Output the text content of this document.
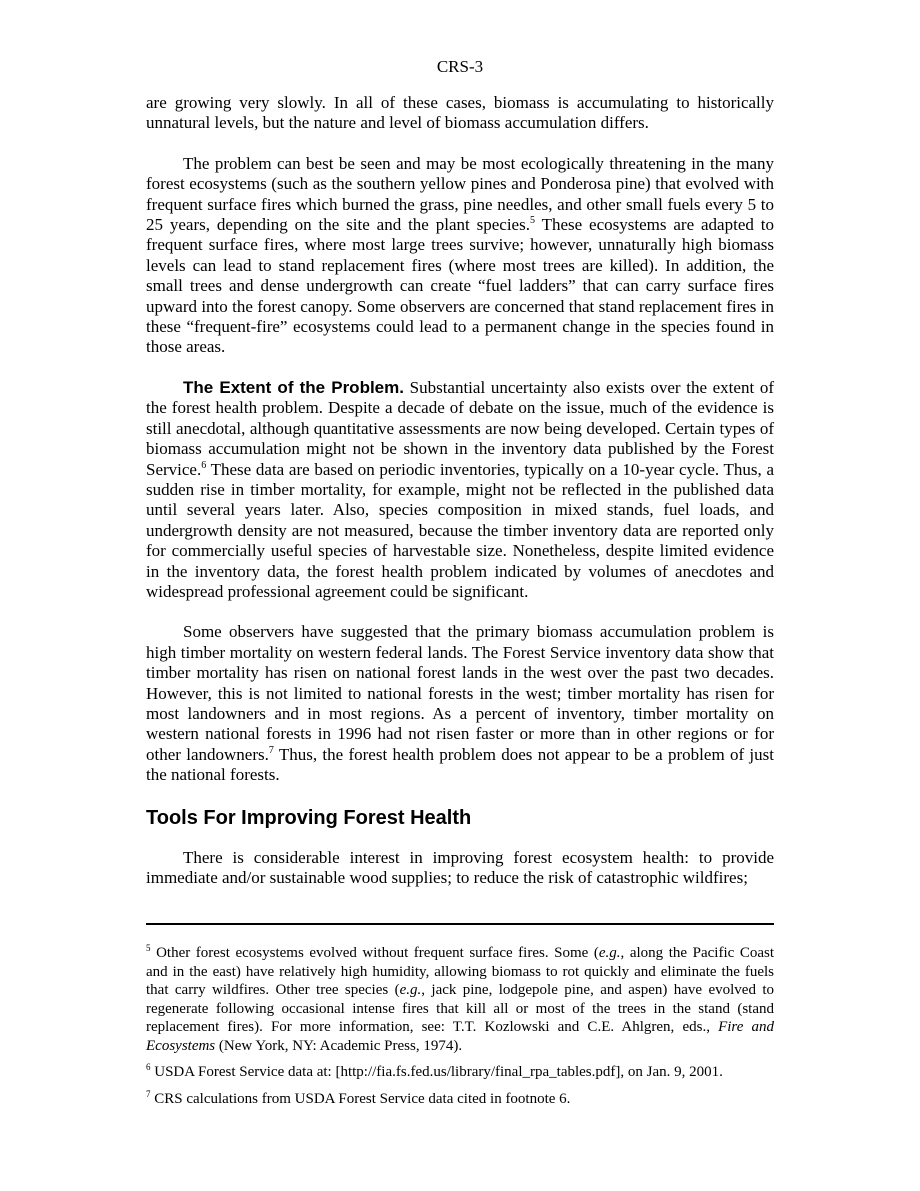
CRS-3

are growing very slowly. In all of these cases, biomass is accumulating to historically unnatural levels, but the nature and level of biomass accumulation differs.

The problem can best be seen and may be most ecologically threatening in the many forest ecosystems (such as the southern yellow pines and Ponderosa pine) that evolved with frequent surface fires which burned the grass, pine needles, and other small fuels every 5 to 25 years, depending on the site and the plant species.$^5$ These ecosystems are adapted to frequent surface fires, where most large trees survive; however, unnaturally high biomass levels can lead to stand replacement fires (where most trees are killed). In addition, the small trees and dense undergrowth can create “fuel ladders” that can carry surface fires upward into the forest canopy. Some observers are concerned that stand replacement fires in these “frequent-fire” ecosystems could lead to a permanent change in the species found in those areas.

The Extent of the Problem. Substantial uncertainty also exists over the extent of the forest health problem. Despite a decade of debate on the issue, much of the evidence is still anecdotal, although quantitative assessments are now being developed. Certain types of biomass accumulation might not be shown in the inventory data published by the Forest Service.$^6$ These data are based on periodic inventories, typically on a 10-year cycle. Thus, a sudden rise in timber mortality, for example, might not be reflected in the published data until several years later. Also, species composition in mixed stands, fuel loads, and undergrowth density are not measured, because the timber inventory data are reported only for commercially useful species of harvestable size. Nonetheless, despite limited evidence in the inventory data, the forest health problem indicated by volumes of anecdotes and widespread professional agreement could be significant.

Some observers have suggested that the primary biomass accumulation problem is high timber mortality on western federal lands. The Forest Service inventory data show that timber mortality has risen on national forest lands in the west over the past two decades. However, this is not limited to national forests in the west; timber mortality has risen for most landowners and in most regions. As a percent of inventory, timber mortality on western national forests in 1996 had not risen faster or more than in other regions or for other landowners.$^7$ Thus, the forest health problem does not appear to be a problem of just the national forests.

Tools For Improving Forest Health

There is considerable interest in improving forest ecosystem health: to provide immediate and/or sustainable wood supplies; to reduce the risk of catastrophic wildfires;

$^5$ Other forest ecosystems evolved without frequent surface fires. Some (e.g., along the Pacific Coast and in the east) have relatively high humidity, allowing biomass to rot quickly and eliminate the fuels that carry wildfires. Other tree species (e.g., jack pine, lodgepole pine, and aspen) have evolved to regenerate following occasional intense fires that kill all or most of the trees in the stand (stand replacement fires). For more information, see: T.T. Kozlowski and C.E. Ahlgren, eds., Fire and Ecosystems (New York, NY: Academic Press, 1974).

$^6$ USDA Forest Service data at: [http://fia.fs.fed.us/library/final_rpa_tables.pdf], on Jan. 9, 2001.

$^7$ CRS calculations from USDA Forest Service data cited in footnote 6.
